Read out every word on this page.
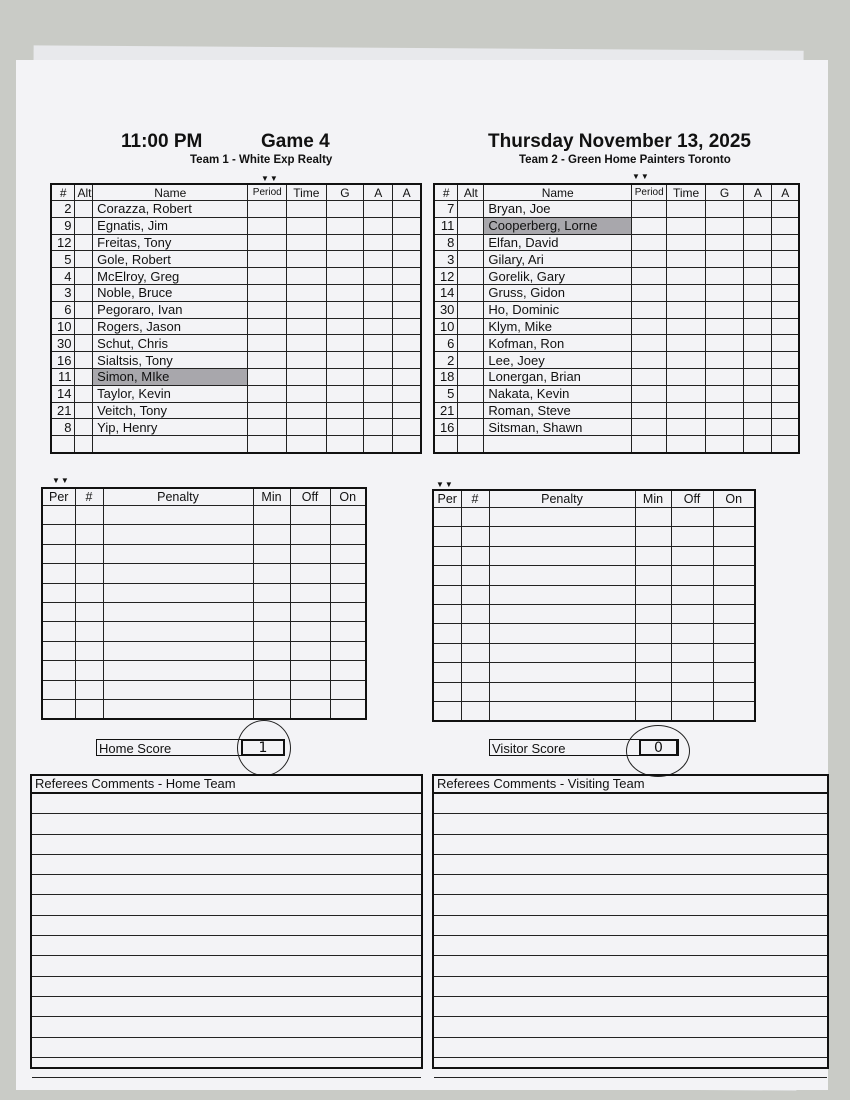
11:00 PM	Game 4	Thursday November 13, 2025
Team 1 - White Exp Realty	Team 2 - Green Home Painters Toronto
▼▼	▼▼
▼▼	▼▼
#	Alt	Name	Period	Time	G	A	A
2		Corazza, Robert					
9		Egnatis, Jim					
12		Freitas, Tony					
5		Gole, Robert					
4		McElroy, Greg					
3		Noble, Bruce					
6		Pegoraro, Ivan					
10		Rogers, Jason					
30		Schut, Chris					
16		Sialtsis, Tony					
11		Simon, MIke					
14		Taylor, Kevin					
21		Veitch, Tony					
8		Yip, Henry					

#	Alt	Name	Period	Time	G	A	A
7		Bryan, Joe					
11		Cooperberg, Lorne					
8		Elfan, David					
3		Gilary, Ari					
12		Gorelik, Gary					
14		Gruss, Gidon					
30		Ho, Dominic					
10		Klym, Mike					
6		Kofman, Ron					
2		Lee, Joey					
18		Lonergan, Brian					
5		Nakata, Kevin					
21		Roman, Steve					
16		Sitsman, Shawn					

Per	#	Penalty	Min	Off	On

						Per	#	Penalty	Min	Off	On

Home Score	1	Visitor Score	0
Referees Comments - Home Team	Referees Comments - Visiting Team
